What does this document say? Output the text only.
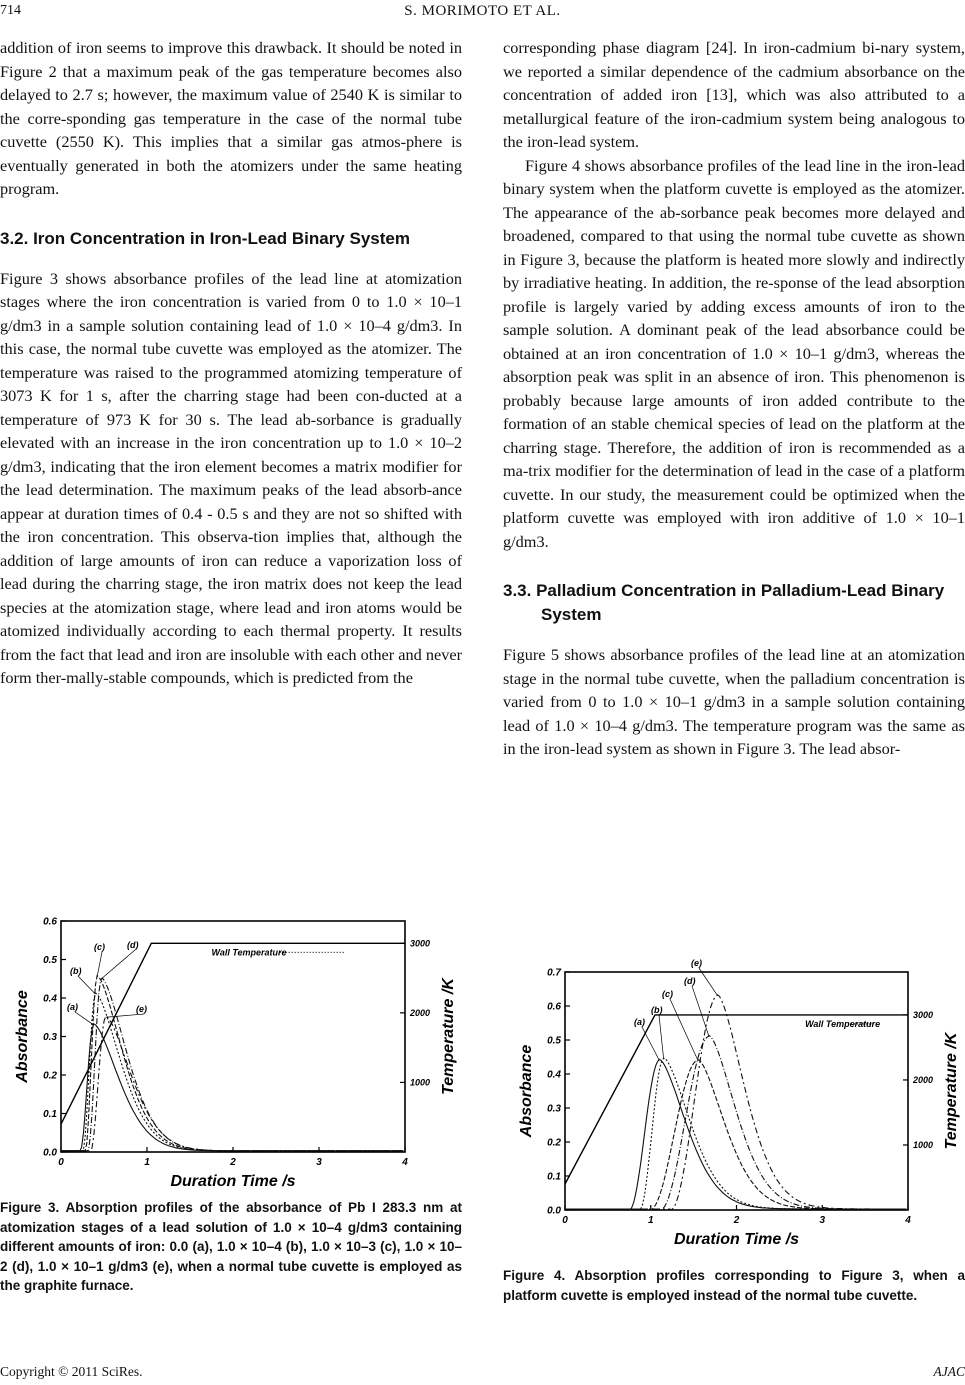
714	S. MORIMOTO ET AL.

addition of iron seems to improve this drawback. It should be noted in Figure 2 that a maximum peak of the gas temperature becomes also delayed to 2.7 s; however, the maximum value of 2540 K is similar to the corre-sponding gas temperature in the case of the normal tube cuvette (2550 K). This implies that a similar gas atmos-phere is eventually generated in both the atomizers under the same heating program.

3.2. Iron Concentration in Iron-Lead Binary System

Figure 3 shows absorbance profiles of the lead line at atomization stages where the iron concentration is varied from 0 to 1.0 × 10–1 g/dm3 in a sample solution containing lead of 1.0 × 10–4 g/dm3. In this case, the normal tube cuvette was employed as the atomizer. The temperature was raised to the programmed atomizing temperature of 3073 K for 1 s, after the charring stage had been con-ducted at a temperature of 973 K for 30 s. The lead ab-sorbance is gradually elevated with an increase in the iron concentration up to 1.0 × 10–2 g/dm3, indicating that the iron element becomes a matrix modifier for the lead determination. The maximum peaks of the lead absorb-ance appear at duration times of 0.4 - 0.5 s and they are not so shifted with the iron concentration. This observa-tion implies that, although the addition of large amounts of iron can reduce a vaporization loss of lead during the charring stage, the iron matrix does not keep the lead species at the atomization stage, where lead and iron atoms would be atomized individually according to each thermal property. It results from the fact that lead and iron are insoluble with each other and never form ther-mally-stable compounds, which is predicted from the

corresponding phase diagram [24]. In iron-cadmium bi-nary system, we reported a similar dependence of the cadmium absorbance on the concentration of added iron [13], which was also attributed to a metallurgical feature of the iron-cadmium system being analogous to the iron-lead system.

Figure 4 shows absorbance profiles of the lead line in the iron-lead binary system when the platform cuvette is employed as the atomizer. The appearance of the ab-sorbance peak becomes more delayed and broadened, compared to that using the normal tube cuvette as shown in Figure 3, because the platform is heated more slowly and indirectly by irradiative heating. In addition, the re-sponse of the lead absorption profile is largely varied by adding excess amounts of iron to the sample solution. A dominant peak of the lead absorbance could be obtained at an iron concentration of 1.0 × 10–1 g/dm3, whereas the absorption peak was split in an absence of iron. This phenomenon is probably because large amounts of iron added contribute to the formation of an stable chemical species of lead on the platform at the charring stage. Therefore, the addition of iron is recommended as a ma-trix modifier for the determination of lead in the case of a platform cuvette. In our study, the measurement could be optimized when the platform cuvette was employed with iron additive of 1.0 × 10–1 g/dm3.

3.3. Palladium Concentration in Palladium-Lead Binary System

Figure 5 shows absorbance profiles of the lead line at an atomization stage in the normal tube cuvette, when the palladium concentration is varied from 0 to 1.0 × 10–1 g/dm3 in a sample solution containing lead of 1.0 × 10–4 g/dm3. The temperature program was the same as in the iron-lead system as shown in Figure 3. The lead absor-

0	1	2	3	4
0.0
0.1
0.2
0.3
0.4
0.5
0.6
1000
2000
3000
Duration Time /s
Absorbance	Temperature /K
Wall Temperature
(a)
(b)
(c) (d)
(e)
Figure 3. Absorption profiles of the absorbance of Pb I 283.3 nm at atomization stages of a lead solution of 1.0 × 10–4 g/dm3 containing different amounts of iron: 0.0 (a), 1.0 × 10–4 (b), 1.0 × 10–3 (c), 1.0 × 10–2 (d), 1.0 × 10–1 g/dm3 (e), when a normal tube cuvette is employed as the graphite furnace.
0	1	2	3	4
0.0
0.1
0.2
0.3
0.4
0.5
0.6
0.7
1000
2000
3000
Duration Time /s
Absorbance	Temperature /K
Wall Temperature
(a)
(b)
(c)
(d)
(e)
Figure 4. Absorption profiles corresponding to Figure 3, when a platform cuvette is employed instead of the normal tube cuvette.
Copyright © 2011 SciRes.	AJAC
